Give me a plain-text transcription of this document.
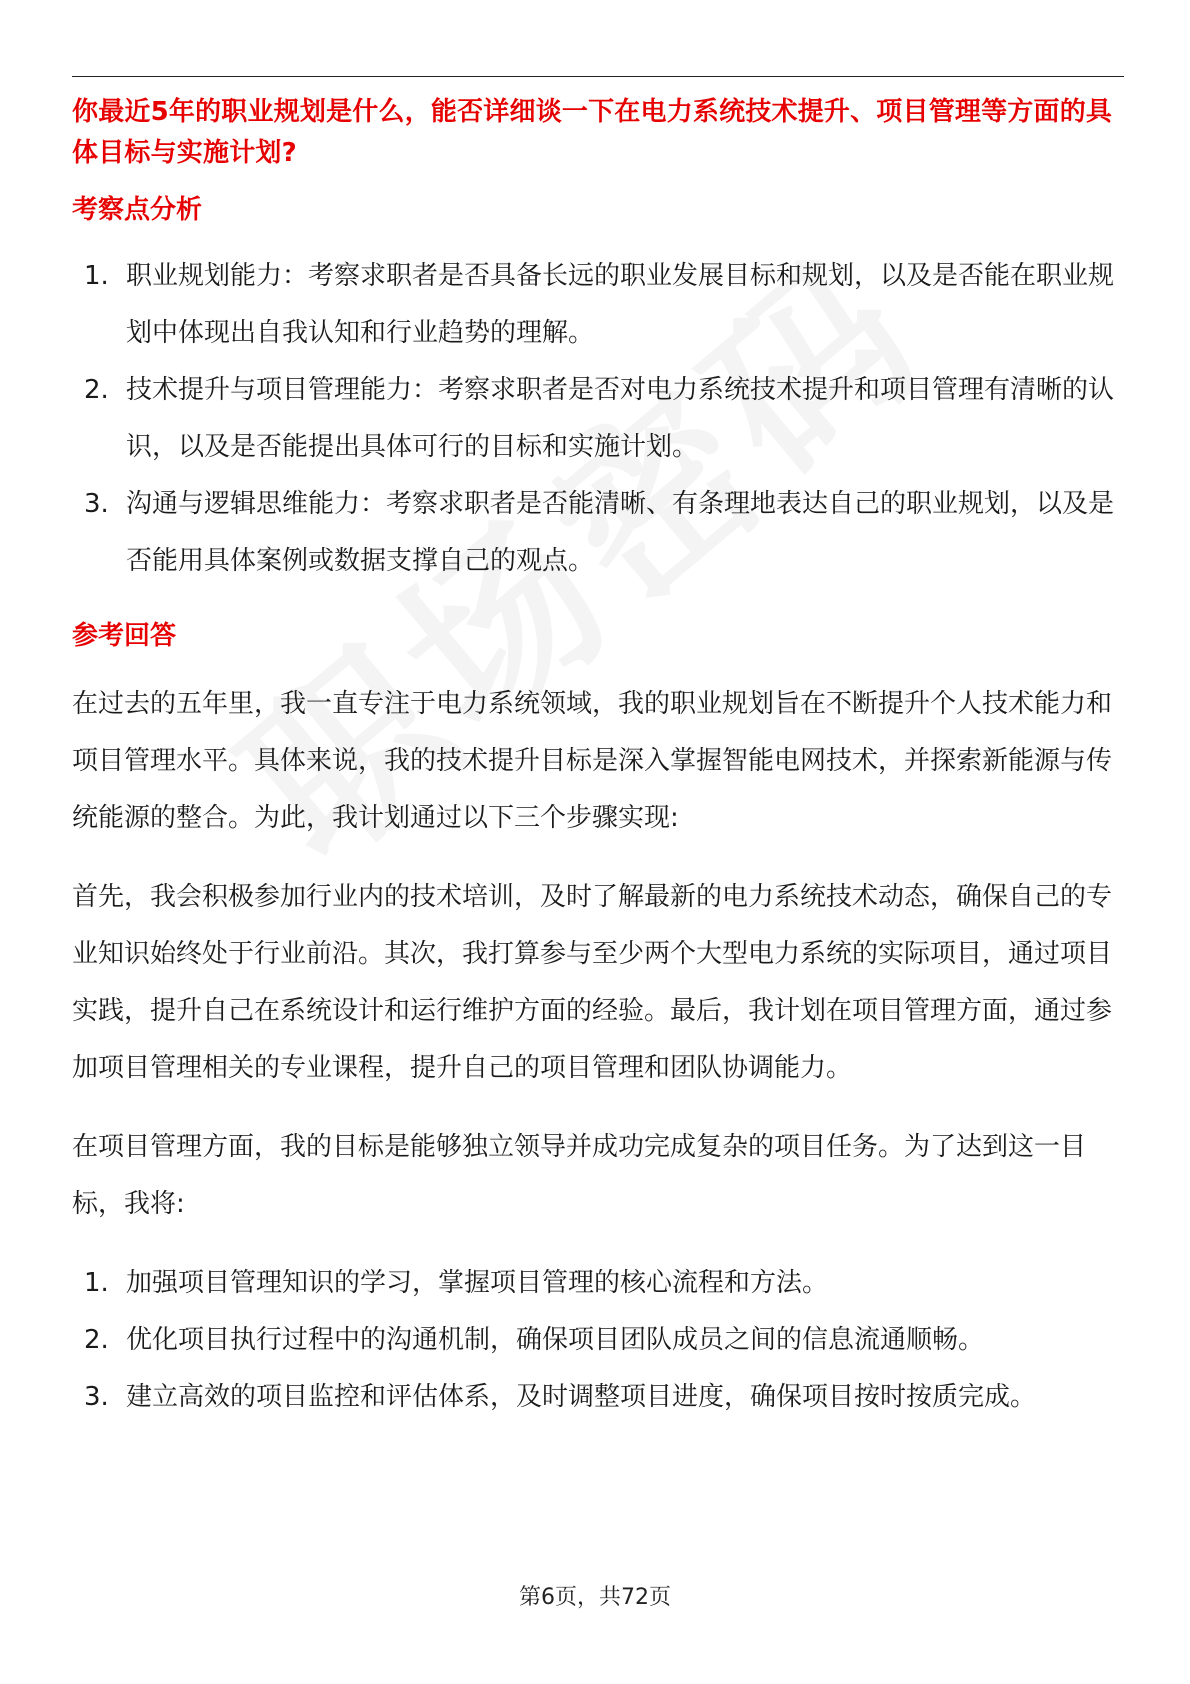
你最近5年的职业规划是什么，能否详细谈一下在电力系统技术提升、项目管理等方面的具体目标与实施计划?
考察点分析
1. 职业规划能力：考察求职者是否具备长远的职业发展目标和规划，以及是否能在职业规划中体现出自我认知和行业趋势的理解。
2. 技术提升与项目管理能力：考察求职者是否对电力系统技术提升和项目管理有清晰的认识，以及是否能提出具体可行的目标和实施计划。
3. 沟通与逻辑思维能力：考察求职者是否能清晰、有条理地表达自己的职业规划，以及是否能用具体案例或数据支撑自己的观点。
参考回答

在过去的五年里，我一直专注于电力系统领域，我的职业规划旨在不断提升个人技术能力和项目管理水平。具体来说，我的技术提升目标是深入掌握智能电网技术，并探索新能源与传统能源的整合。为此，我计划通过以下三个步骤实现:

首先，我会积极参加行业内的技术培训，及时了解最新的电力系统技术动态，确保自己的专业知识始终处于行业前沿。其次，我打算参与至少两个大型电力系统的实际项目，通过项目实践，提升自己在系统设计和运行维护方面的经验。最后，我计划在项目管理方面，通过参加项目管理相关的专业课程，提升自己的项目管理和团队协调能力。

在项目管理方面，我的目标是能够独立领导并成功完成复杂的项目任务。为了达到这一目标，我将:

1. 加强项目管理知识的学习，掌握项目管理的核心流程和方法。
2. 优化项目执行过程中的沟通机制，确保项目团队成员之间的信息流通顺畅。
3. 建立高效的项目监控和评估体系，及时调整项目进度，确保项目按时按质完成。
第6页，共72页
